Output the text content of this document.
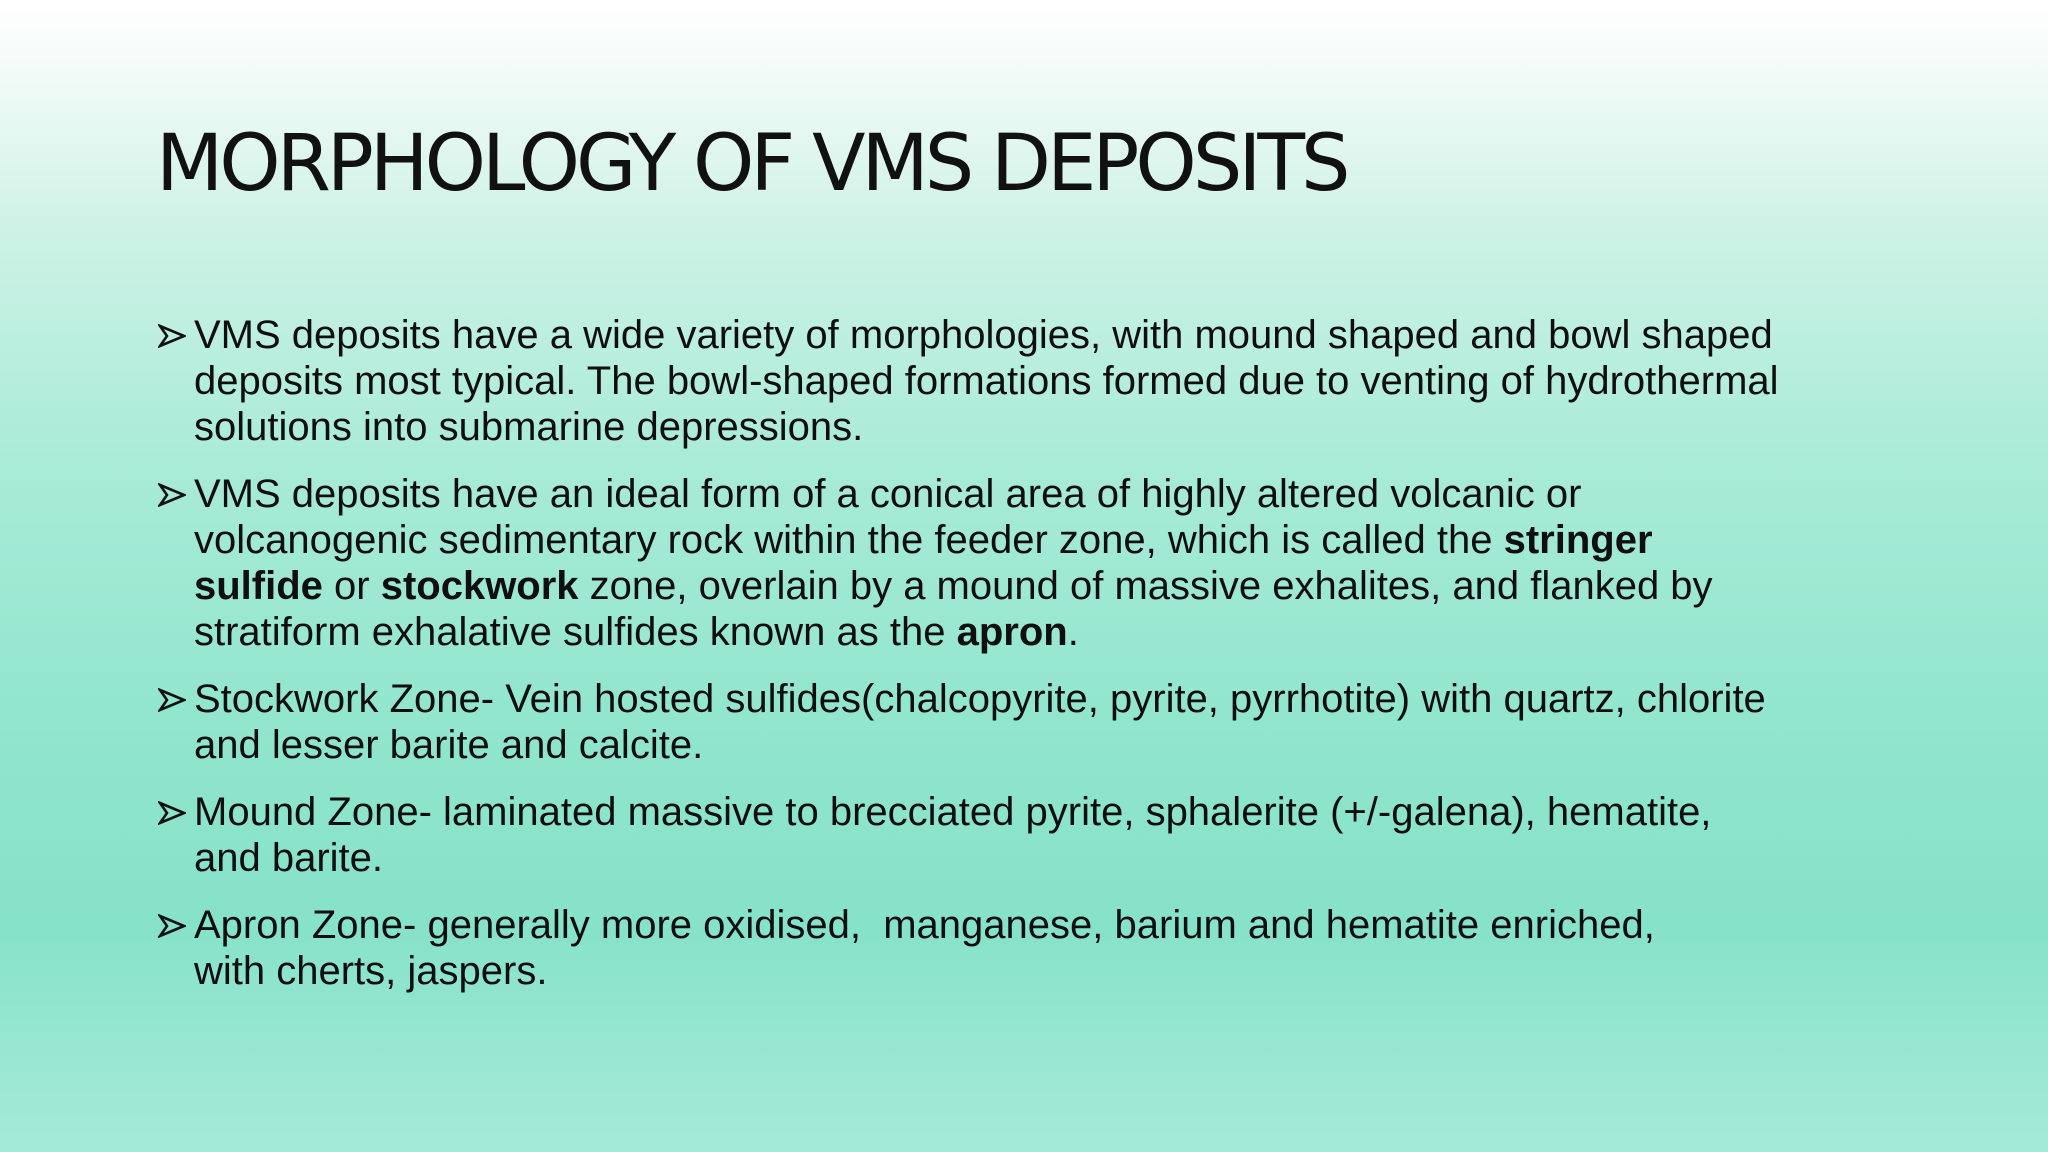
MORPHOLOGY OF VMS DEPOSITS
VMS deposits have a wide variety of morphologies, with mound shaped and bowl shaped
deposits most typical. The bowl-shaped formations formed due to venting of hydrothermal
solutions into submarine depressions.
VMS deposits have an ideal form of a conical area of highly altered volcanic or
volcanogenic sedimentary rock within the feeder zone, which is called the stringer
sulfide or stockwork zone, overlain by a mound of massive exhalites, and flanked by
stratiform exhalative sulfides known as the apron.
Stockwork Zone- Vein hosted sulfides(chalcopyrite, pyrite, pyrrhotite) with quartz, chlorite
and lesser barite and calcite.
Mound Zone- laminated massive to brecciated pyrite, sphalerite (+/-galena), hematite,
and barite.
Apron Zone- generally more oxidised,  manganese, barium and hematite enriched,
with cherts, jaspers.
